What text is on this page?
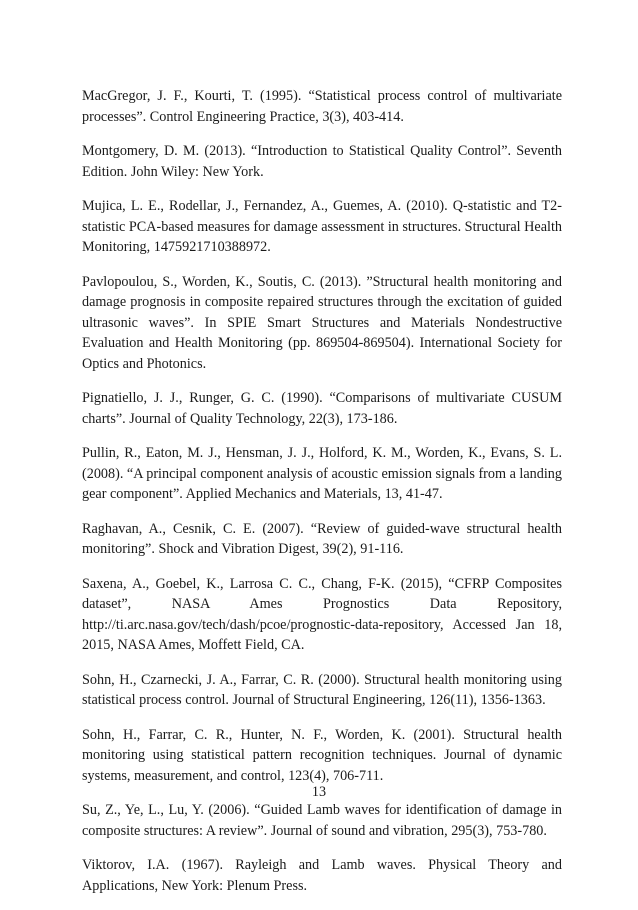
MacGregor, J. F., Kourti, T. (1995). “Statistical process control of multivariate processes”. Control Engineering Practice, 3(3), 403-414.

Montgomery, D. M. (2013). “Introduction to Statistical Quality Control”. Seventh Edition. John Wiley: New York.

Mujica, L. E., Rodellar, J., Fernandez, A., Guemes, A. (2010). Q-statistic and T2-statistic PCA-based measures for damage assessment in structures. Structural Health Monitoring, 1475921710388972.

Pavlopoulou, S., Worden, K., Soutis, C. (2013). ”Structural health monitoring and damage prognosis in composite repaired structures through the excitation of guided ultrasonic waves”. In SPIE Smart Structures and Materials Nondestructive Evaluation and Health Monitoring (pp. 869504-869504). International Society for Optics and Photonics.

Pignatiello, J. J., Runger, G. C. (1990). “Comparisons of multivariate CUSUM charts”. Journal of Quality Technology, 22(3), 173-186.

Pullin, R., Eaton, M. J., Hensman, J. J., Holford, K. M., Worden, K., Evans, S. L. (2008). “A principal component analysis of acoustic emission signals from a landing gear component”. Applied Mechanics and Materials, 13, 41-47.

Raghavan, A., Cesnik, C. E. (2007). “Review of guided-wave structural health monitoring”. Shock and Vibration Digest, 39(2), 91-116.

Saxena, A., Goebel, K., Larrosa C. C., Chang, F-K. (2015), “CFRP Composites dataset”, NASA Ames Prognostics Data Repository, http://ti.arc.nasa.gov/tech/dash/pcoe/prognostic-data-repository, Accessed Jan 18, 2015, NASA Ames, Moffett Field, CA.

Sohn, H., Czarnecki, J. A., Farrar, C. R. (2000). Structural health monitoring using statistical process control. Journal of Structural Engineering, 126(11), 1356-1363.

Sohn, H., Farrar, C. R., Hunter, N. F., Worden, K. (2001). Structural health monitoring using statistical pattern recognition techniques. Journal of dynamic systems, measurement, and control, 123(4), 706-711.

Su, Z., Ye, L., Lu, Y. (2006). “Guided Lamb waves for identification of damage in composite structures: A review”. Journal of sound and vibration, 295(3), 753-780.

Viktorov, I.A. (1967). Rayleigh and Lamb waves. Physical Theory and Applications, New York: Plenum Press.

13
